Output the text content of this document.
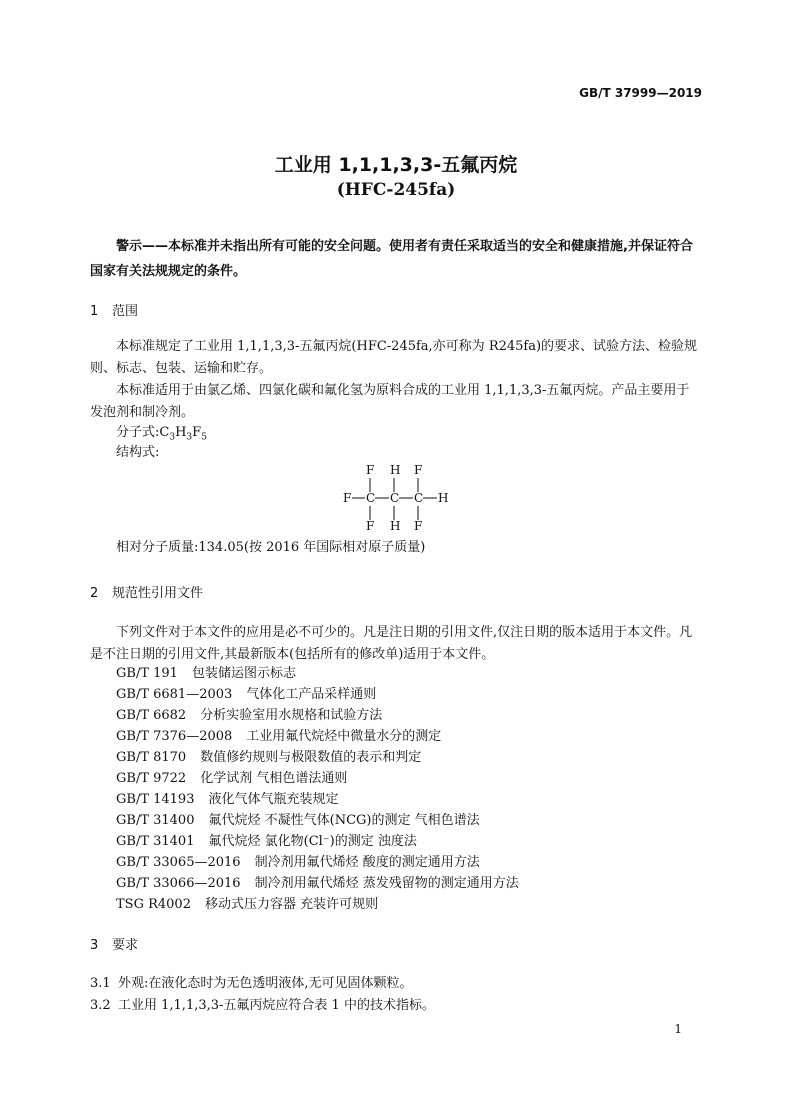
GB/T 37999—2019
工业用 1,1,1,3,3-五氟丙烷
(HFC-245fa)
警示——本标准并未指出所有可能的安全问题。使用者有责任采取适当的安全和健康措施,并保证符合国家有关法规规定的条件。
1 范围
本标准规定了工业用 1,1,1,3,3-五氟丙烷(HFC-245fa,亦可称为 R245fa)的要求、试验方法、检验规则、标志、包装、运输和贮存。
本标准适用于由氯乙烯、四氯化碳和氟化氢为原料合成的工业用 1,1,1,3,3-五氟丙烷。产品主要用于发泡剂和制冷剂。
分子式$:C_3H_3F_5$
结构式:
F H F
F C C C H
F H F
相对分子质量:134.05(按 2016 年国际相对原子质量)
2 规范性引用文件
下列文件对于本文件的应用是必不可少的。凡是注日期的引用文件,仅注日期的版本适用于本文件。凡是不注日期的引用文件,其最新版本(包括所有的修改单)适用于本文件。
GB/T 191 包装储运图示标志
GB/T 6681—2003 气体化工产品采样通则
GB/T 6682 分析实验室用水规格和试验方法
GB/T 7376—2008 工业用氟代烷烃中微量水分的测定
GB/T 8170 数值修约规则与极限数值的表示和判定
GB/T 9722 化学试剂 气相色谱法通则
GB/T 14193 液化气体气瓶充装规定
GB/T 31400 氟代烷烃 不凝性气体(NCG)的测定 气相色谱法
GB/T 31401 氟代烷烃 氯化物(Cl⁻)的测定 浊度法
GB/T 33065—2016 制冷剂用氟代烯烃 酸度的测定通用方法
GB/T 33066—2016 制冷剂用氟代烯烃 蒸发残留物的测定通用方法
TSG R4002 移动式压力容器 充装许可规则
3 要求
3.1 外观:在液化态时为无色透明液体,无可见固体颗粒。
3.2 工业用 1,1,1,3,3-五氟丙烷应符合表 1 中的技术指标。
1
